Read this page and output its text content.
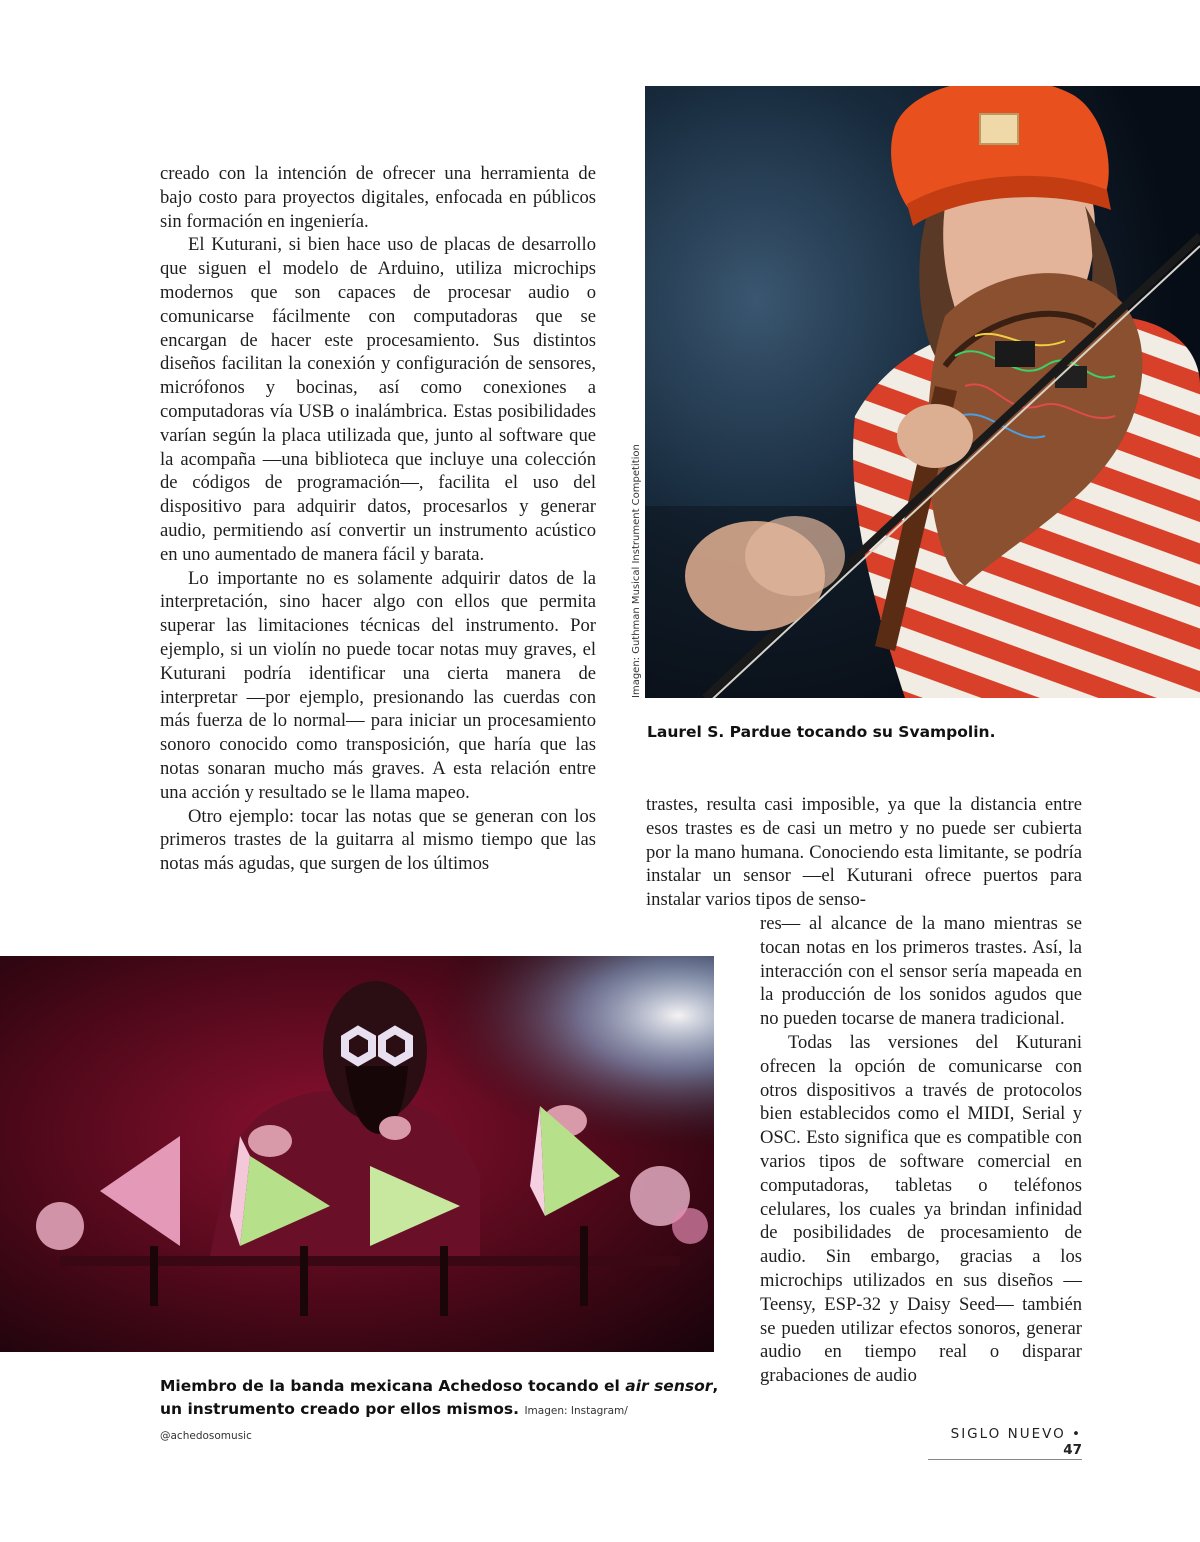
creado con la intención de ofrecer una herramienta de bajo costo para proyectos digitales, enfocada en públicos sin formación en ingeniería.

El Kuturani, si bien hace uso de placas de desarrollo que siguen el modelo de Arduino, utiliza microchips modernos que son capaces de procesar audio o comunicarse fácilmente con computadoras que se encargan de hacer este procesamiento. Sus distintos diseños facilitan la conexión y configuración de sensores, micrófonos y bocinas, así como conexiones a computadoras vía USB o inalámbrica. Estas posibilidades varían según la placa utilizada que, junto al software que la acompaña —una biblioteca que incluye una colección de códigos de programación—, facilita el uso del dispositivo para adquirir datos, procesarlos y generar audio, permitiendo así convertir un instrumento acústico en uno aumentado de manera fácil y barata.

Lo importante no es solamente adquirir datos de la interpretación, sino hacer algo con ellos que permita superar las limitaciones técnicas del instrumento. Por ejemplo, si un violín no puede tocar notas muy graves, el Kuturani podría identificar una cierta manera de interpretar —por ejemplo, presionando las cuerdas con más fuerza de lo normal— para iniciar un procesamiento sonoro conocido como transposición, que haría que las notas sonaran mucho más graves. A esta relación entre una acción y resultado se le llama mapeo.

Otro ejemplo: tocar las notas que se generan con los primeros trastes de la guitarra al mismo tiempo que las notas más agudas, que surgen de los últimos

Imagen: Guthman Musical Instrument Competition
Laurel S. Pardue tocando su Svampolin.

trastes, resulta casi imposible, ya que la distancia entre esos trastes es de casi un metro y no puede ser cubierta por la mano humana. Conociendo esta limitante, se podría instalar un sensor —el Kuturani ofrece puertos para instalar varios tipos de senso-

res— al alcance de la mano mientras se tocan notas en los primeros trastes. Así, la interacción con el sensor sería mapeada en la producción de los sonidos agudos que no pueden tocarse de manera tradicional.

Todas las versiones del Kuturani ofrecen la opción de comunicarse con otros dispositivos a través de protocolos bien establecidos como el MIDI, Serial y OSC. Esto significa que es compatible con varios tipos de software comercial en computadoras, tabletas o teléfonos celulares, los cuales ya brindan infinidad de posibilidades de procesamiento de audio. Sin embargo, gracias a los microchips utilizados en sus diseños —Teensy, ESP-32 y Daisy Seed— también se pueden utilizar efectos sonoros, generar audio en tiempo real o disparar grabaciones de audio

Miembro de la banda mexicana Achedoso tocando el air sensor, un instrumento creado por ellos mismos. Imagen: Instagram/ @achedosomusic	SIGLO NUEVO • 47
